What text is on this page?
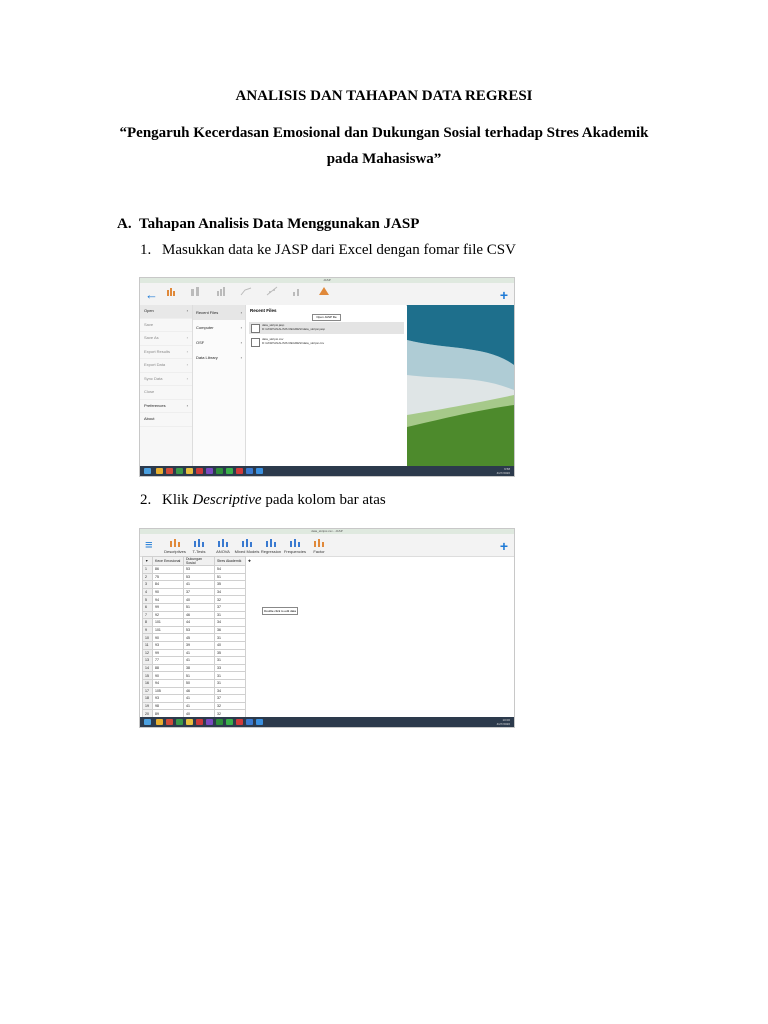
ANALISIS DAN TAHAPAN DATA REGRESI
“Pengaruh Kecerdasan Emosional dan Dukungan Sosial terhadap Stres Akademik
pada Mahasiswa”
A. Tahapan Analisis Data Menggunakan JASP
1. Masukkan data ke JASP dari Excel dengan fomar file CSV
2. Klik Descriptive pada kolom bar atas
JASP
←	+
Open	›
Save
Save As	›
Export Results	›
Export Data	›
Sync Data	›
Close
Preferences	›
About
Recent Files	›
Computer	›
OSF	›
Data Library	›
Recent Files
Open JASP file
data_skripsi.jasp
D:\JASP\ANALISIS REGRESI\data_skripsi.jasp
data_skripsi.csv
D:\JASP\ANALISIS REGRESI\data_skripsi.csv
9:58
4/27/2020
data_skripsi.csv - JASP
≡	+
Descriptives	T-Tests	ANOVA	Mixed Models Regression Frequencies	Factor
▼	Kece Emosional	Dukungan Sosial	Stres Akademik	✚
1	86	53	54	
2	75	53	51	
3	84	41	35	
4	90	37	34	
5	94	40	32	
6	99	51	37	
7	92	46	31	
8	101	44	34	
9	101	53	36	
10	90	45	31	
11	93	39	40	
12	99	41	35	
13	77	41	31	
14	88	38	33	
15	90	51	31	
16	94	50	31	
17	105	46	34	
18	93	41	37	
19	98	41	32	
20	89	40	32	
Double click to edit data
10:00
4/27/2020
